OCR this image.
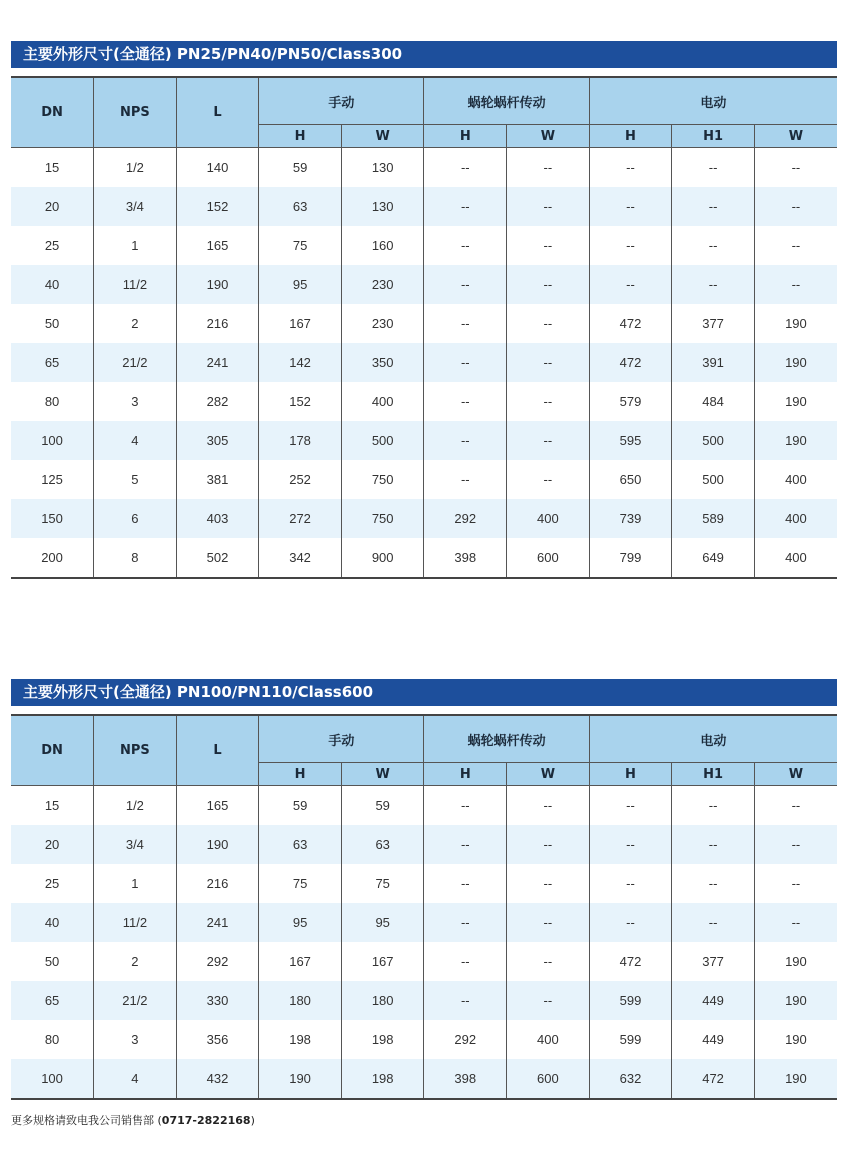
主要外形尺寸(全通径) PN25/PN40/PN50/Class300
DN	NPS	L	手动		蜗轮蜗杆传动		电动		
			H	W	H	W	H	H1	W
15	1/2	140	59	130	--	--	--	--	--
20	3/4	152	63	130	--	--	--	--	--
25	1	165	75	160	--	--	--	--	--
40	11/2	190	95	230	--	--	--	--	--
50	2	216	167	230	--	--	472	377	190
65	21/2	241	142	350	--	--	472	391	190
80	3	282	152	400	--	--	579	484	190
100	4	305	178	500	--	--	595	500	190
125	5	381	252	750	--	--	650	500	400
150	6	403	272	750	292	400	739	589	400
200	8	502	342	900	398	600	799	649	400
主要外形尺寸(全通径) PN100/PN110/Class600
DN	NPS	L	手动		蜗轮蜗杆传动		电动		
			H	W	H	W	H	H1	W
15	1/2	165	59	59	--	--	--	--	--
20	3/4	190	63	63	--	--	--	--	--
25	1	216	75	75	--	--	--	--	--
40	11/2	241	95	95	--	--	--	--	--
50	2	292	167	167	--	--	472	377	190
65	21/2	330	180	180	--	--	599	449	190
80	3	356	198	198	292	400	599	449	190
100	4	432	190	198	398	600	632	472	190
更多规格请致电我公司销售部 (0717-2822168)
